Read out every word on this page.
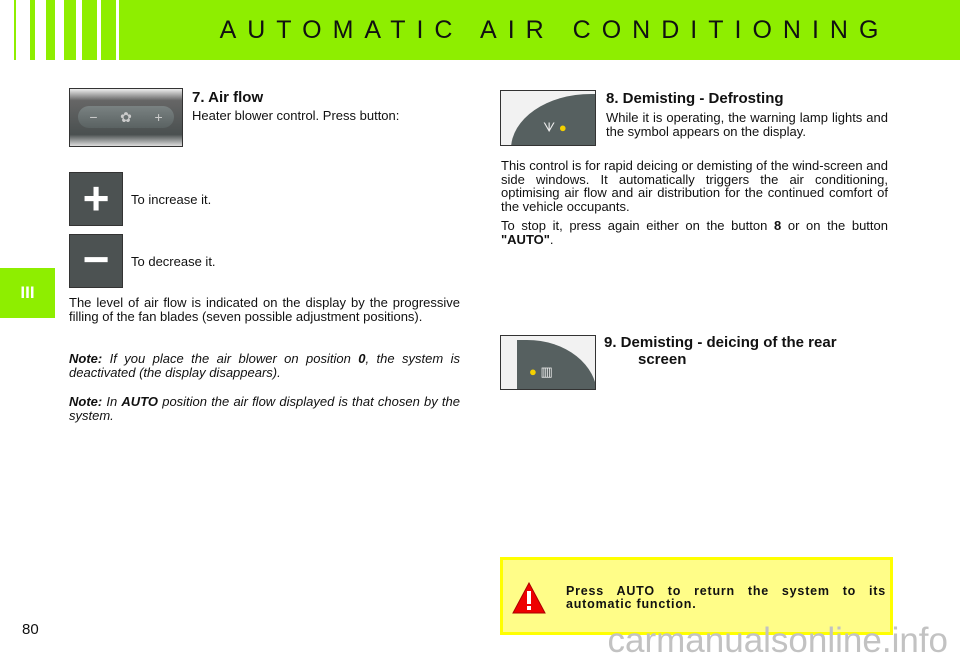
AUTOMATIC AIR CONDITIONING
III
− ✿ +
7. Air flow

Heater blower control. Press button:

+	To increase it.

−	To decrease it.

The level of air flow is indicated on the display by the progressive filling of the fan blades (seven possible adjustment positions).

Note: If you place the air blower on position 0, the system is deactivated (the display disappears).

Note: In AUTO position the air flow displayed is that chosen by the system.

ᗐ ●
8. Demisting - Defrosting

While it is operating, the warning lamp lights and the symbol appears on the display.

This control is for rapid deicing or demisting of the wind-screen and side windows. It automatically triggers the air conditioning, optimising air flow and air distribution for the continued comfort of the vehicle occupants.

To stop it, press again either on the button 8 or on the button "AUTO".

● ▥
9. Demisting - deicing of the rear
screen

Press AUTO to return the system to its automatic function.

80	carmanualsonline.info
